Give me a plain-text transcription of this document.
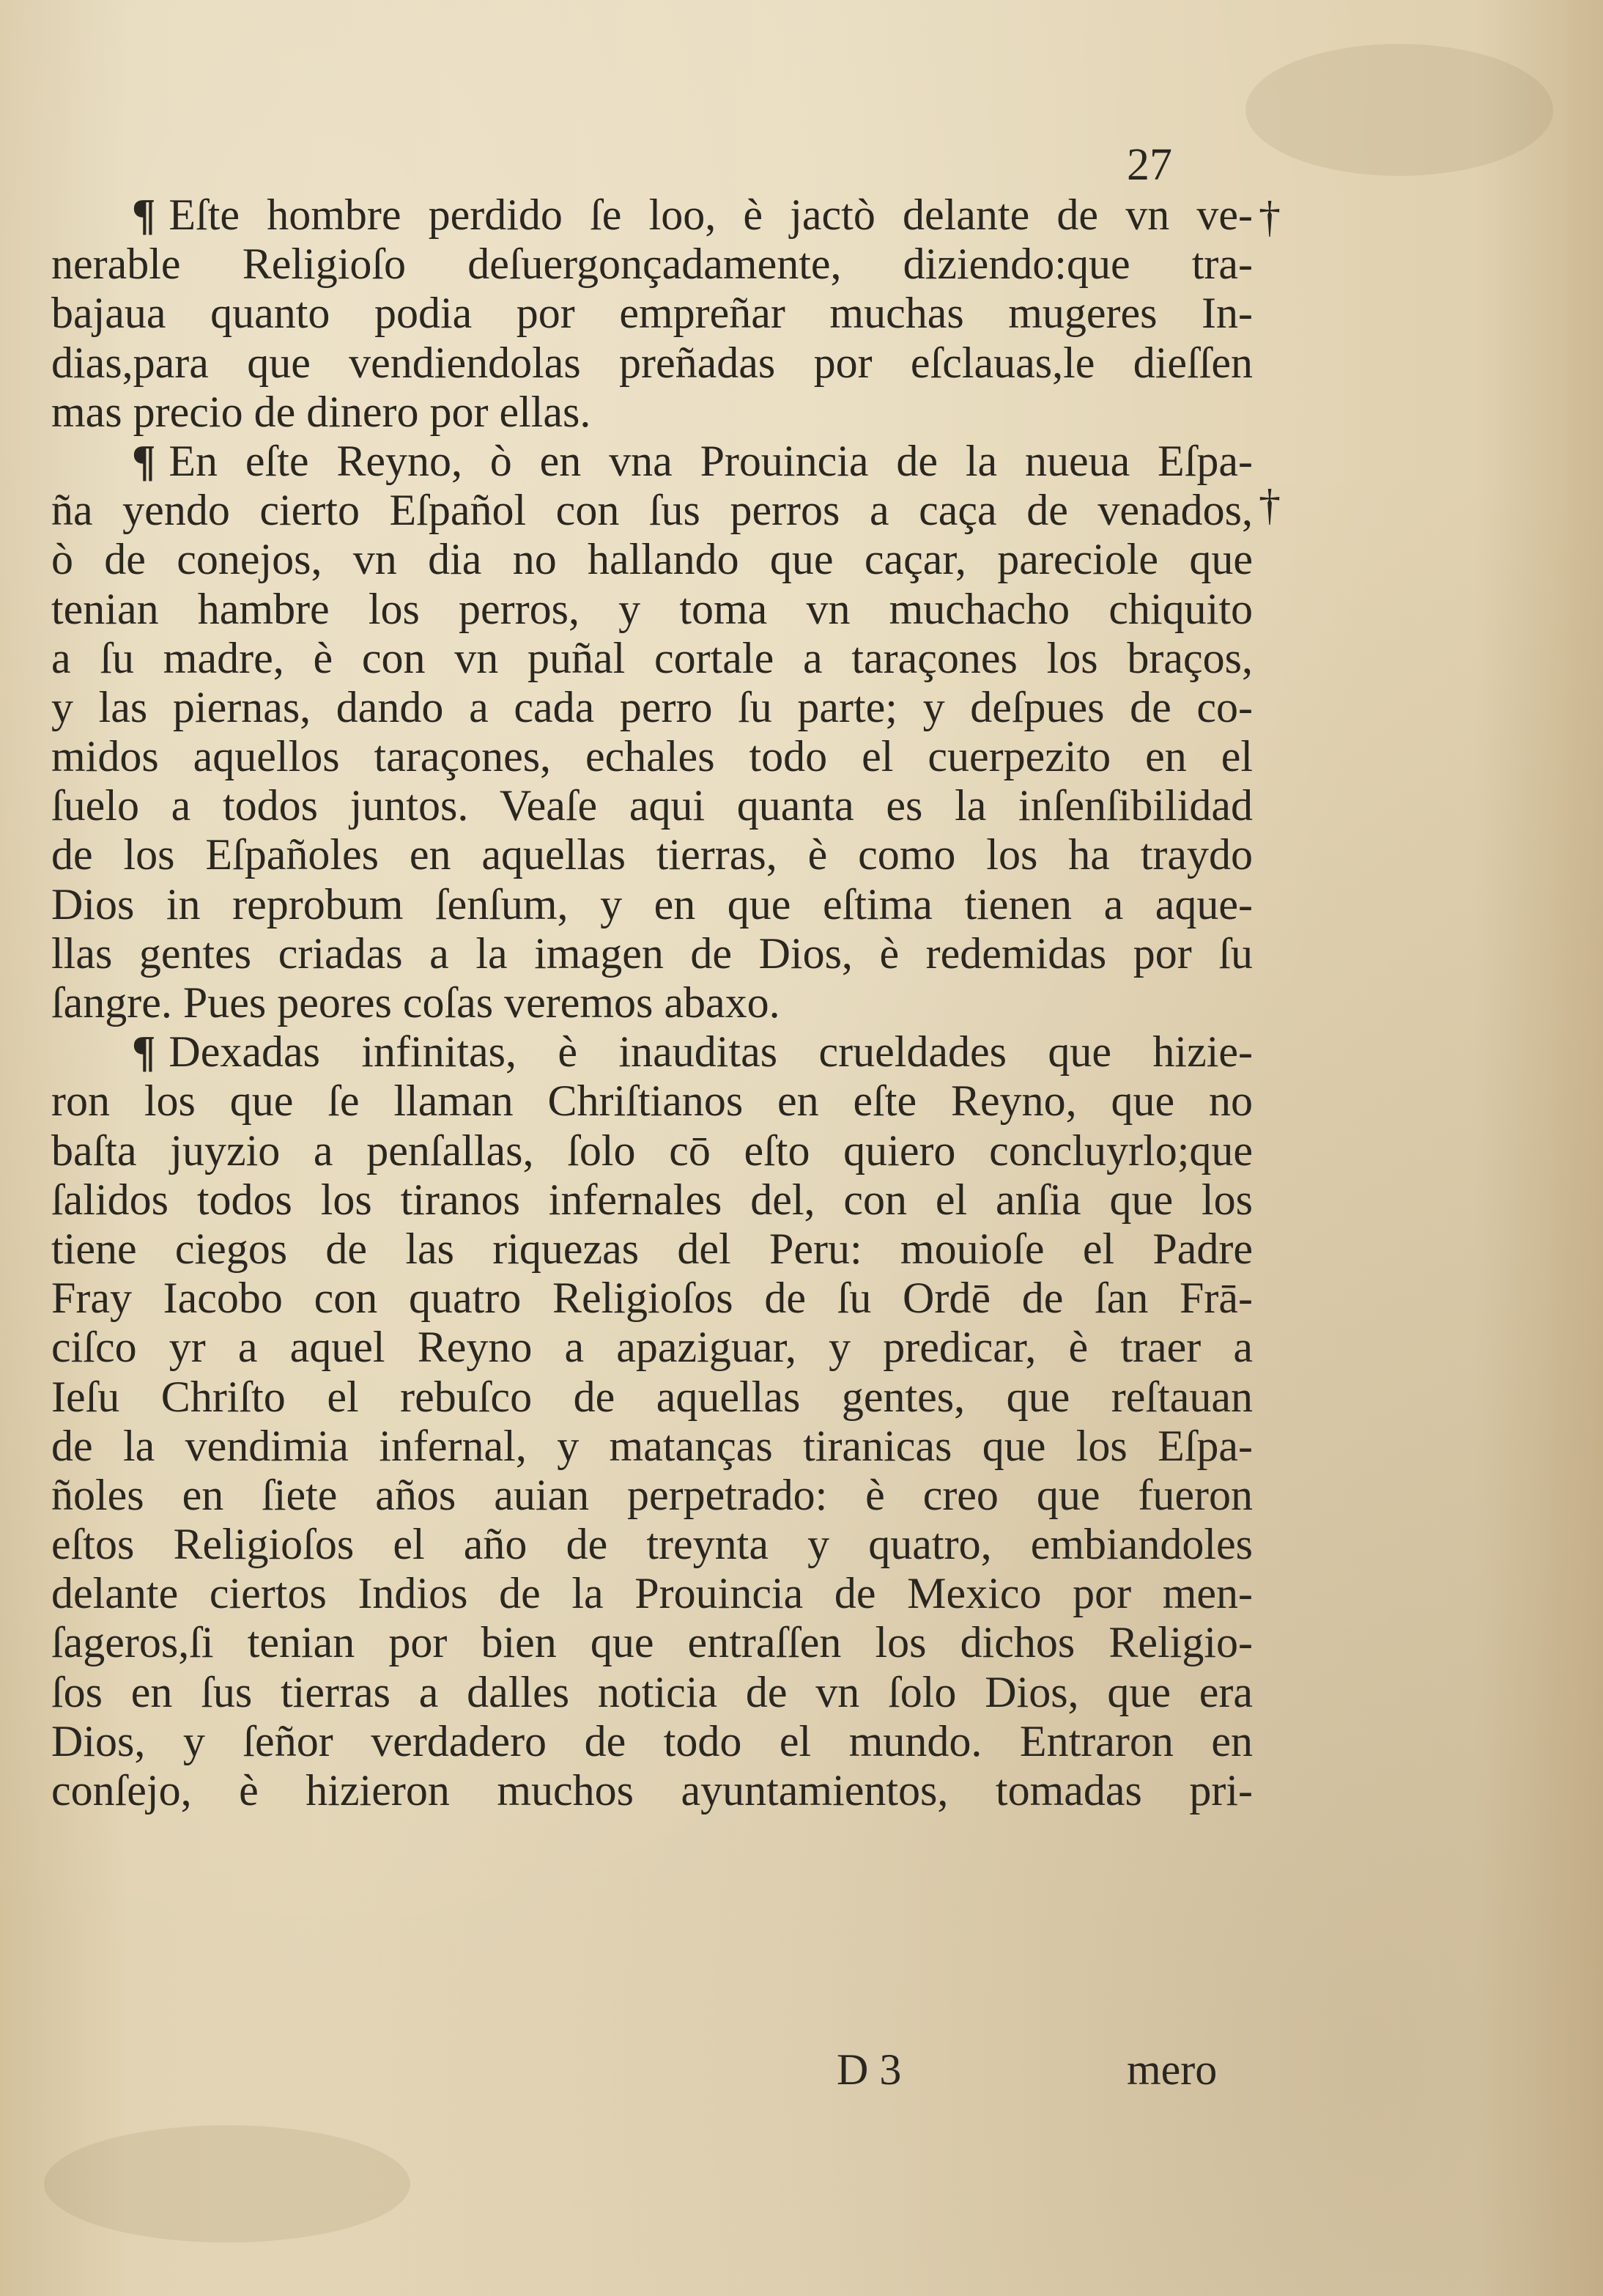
27
†
†
¶ Eſte hombre perdido ſe loo, è jactò delante de vn ve-
nerable Religioſo deſuergonçadamente, diziendo:que tra-
bajaua quanto podia por empreñar muchas mugeres In-
dias,para que vendiendolas preñadas por eſclauas,le dieſſen
mas precio de dinero por ellas.
¶ En eſte Reyno, ò en vna Prouincia de la nueua Eſpa-
ña yendo cierto Eſpañol con ſus perros a caça de venados,
ò de conejos, vn dia no hallando que caçar, pareciole que
tenian hambre los perros, y toma vn muchacho chiquito
a ſu madre, è con vn puñal cortale a taraçones los braços,
y las piernas, dando a cada perro ſu parte; y deſpues de co-
midos aquellos taraçones, echales todo el cuerpezito en el
ſuelo a todos juntos. Veaſe aqui quanta es la inſenſibilidad
de los Eſpañoles en aquellas tierras, è como los ha traydo
Dios in reprobum ſenſum, y en que eſtima tienen a aque-
llas gentes criadas a la imagen de Dios, è redemidas por ſu
ſangre. Pues peores coſas veremos abaxo.
¶ Dexadas infinitas, è inauditas crueldades que hizie-
ron los que ſe llaman Chriſtianos en eſte Reyno, que no
baſta juyzio a penſallas, ſolo cō eſto quiero concluyrlo;que
ſalidos todos los tiranos infernales del, con el anſia que los
tiene ciegos de las riquezas del Peru: mouioſe el Padre
Fray Iacobo con quatro Religioſos de ſu Ordē de ſan Frā-
ciſco yr a aquel Reyno a apaziguar, y predicar, è traer a
Ieſu Chriſto el rebuſco de aquellas gentes, que reſtauan
de la vendimia infernal, y matanças tiranicas que los Eſpa-
ñoles en ſiete años auian perpetrado: è creo que fueron
eſtos Religioſos el año de treynta y quatro, embiandoles
delante ciertos Indios de la Prouincia de Mexico por men-
ſageros,ſi tenian por bien que entraſſen los dichos Religio-
ſos en ſus tierras a dalles noticia de vn ſolo Dios, que era
Dios, y ſeñor verdadero de todo el mundo. Entraron en
conſejo, è hizieron muchos ayuntamientos, tomadas pri-
D 3	mero
